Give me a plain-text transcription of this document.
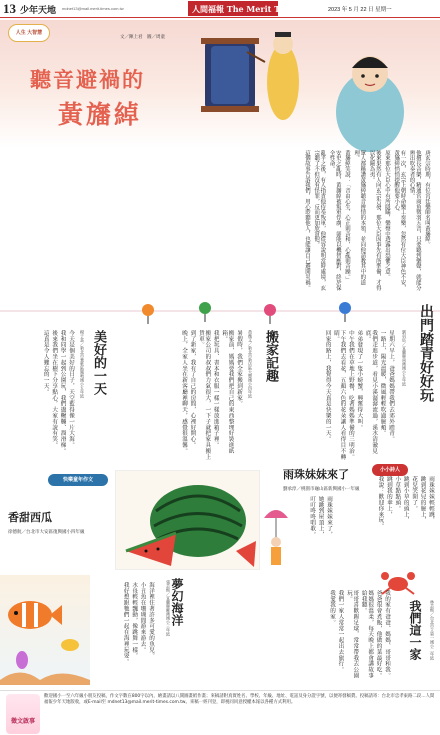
13 少年天地 mdnet13@mail.merit-times.com.tw	人間福報 The Merit Times	2023 年 5 月 22 日 星期一
人生 大智慧
文／陳上君　圖／周童
聽音避禍的
黃旛綽
唐玄宗時期，有位宮廷樂師名叫黃旛綽。
他擅長音樂，精通宮商角徵羽五音，只要聽到樂聲，就能分辨出吹奏者的心情。
有一次，玄宗上朝時命樂工奏樂，忽然有位大臣神色不安，黃旛綽悄悄提醒他要小心。
原來那位大臣心中有所隱瞞，樂聲中透露出恐懼之意。
後來果然有人向玄宗告發，那位大臣因事先有所準備，才得以化險為夷。
眾人都稱讚黃旛綽聽音辨情的本領，並向他請教其中的道理。
黃旛綽笑說：「音由心生，心正則音和，心亂則音躁。」
安史之亂時，黃旛綽被叛軍俘虜，卻能以機智應對，終於保全性命。
亂平之後，有人指責他侍奉叛軍，他從容說明當時處境，玄宗聽了不但沒有怪罪，反而更加欣賞他。
這個故事告訴我們，用心聆聽他人，也能讓自己避開災禍。
出門踏青好好玩
劉羽宸／宜蘭縣南澳國小五年級
星期六早上，爸爸媽媽帶我們去郊外踏青。
一路上，陽光溫暖，微風輕輕吹過臉頰。
我們走進步道，看見小溪潺潺流過，溪水清澈見底。
弟弟發現了一隻小螃蟹，興奮得大叫。
中午我們在草地上野餐，吃著媽媽準備的三明治。
下午我們去看花，五顏六色的花朵讓人看得目不轉睛。
回家的路上，我覺得今天真是快樂的一天。
搬家記趣
黃薇文／新北市新店區大豐國小四年級
暑假時，我們全家搬到新家。
搬家前，媽媽要我們把自己的東西整理好裝進紙箱。
我把玩具、書本和衣服一樣一樣放進箱子裡。
搬家公司的叔叔們力氣很大，一下子就把家具搬上貨車。
到了新家，我有了自己的房間，心裡好開心。
晚上，全家人坐在新客廳裡聊天，感覺很溫馨。
美好的一天
楊子嘉／新北市鶯歌區鳳鳴國小五年級
今天是個美好的日子，天空藍得像一片大海。
我和同學一起到公園玩，我們盪鞦韆、溜滑梯。
後來我們坐在樹下分享點心，大家有說有笑。
這真是令人難忘的一天。
快樂童年作文
香甜西瓜
徐德航／台北市大安區復興國小四年級
夢幻海洋
張芸熙／宜蘭縣蘇澳國小三年級
海洋裡住著許多可愛的魚兒。
小丑魚在珊瑚間游來游去。
水母輕輕飄動，像跳舞一樣。
我好想跟牠們一起在海裡玩耍。
雨珠妹妹來了
劉承淳／桃園市龜山區新興國小一年級
小小詩人
雨珠妹妹來了，
她跳到屋頂上，
叮叮咚咚唱歌。	雨珠妹妹輕輕跳，
跳到花兒的臉上，
花兒笑開了。
跳到小草的頭上，
小草點點頭。
跳到我的傘上，
我說：歡迎你來玩。
我們這一家	林芸熙／台北市立第一國小二年級
我的家有爸爸、媽媽、哥哥和我。
爸爸很會煮飯，他做的菜最好吃。
媽媽很溫柔，每天晚上都會講故事給我聽。
哥哥喜歡踢足球，常常帶我去公園玩。
我們一家人常常一起出去旅行。
我愛我的家。
徵文啟事
歡迎國小一至六年級小朋友投稿，作文字數在800字以內，繪畫請以八開圖畫紙作畫；來稿請附真實姓名、學校、年級、地址、電話及身分證字號，以便寄發稿費。投稿請寄：台北市忠孝東路二段…人間福報少年天地版收，或E-mail至 mdnet13@mail.merit-times.com.tw。來稿一經刊登，即視同同意授權本報以各種方式利用。
